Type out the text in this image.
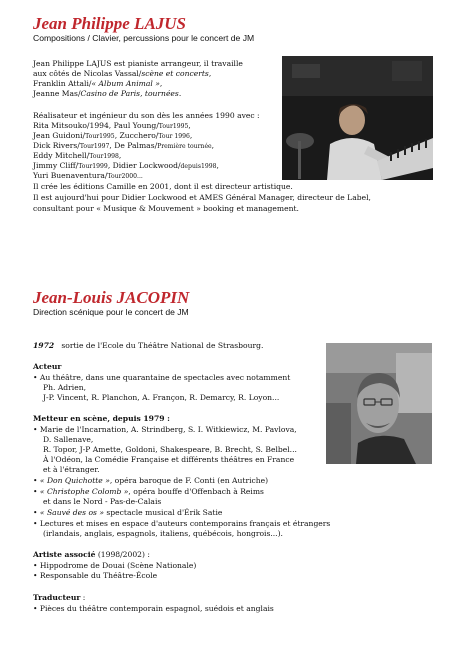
Jean Philippe LAJUS

Compositions / Clavier, percussions pour le concert de JM

Jean Philippe LAJUS est pianiste arrangeur, il travaille
aux côtés de Nicolas Vassal/scène et concerts,
Franklin Attali/« Album Animal »,
Jeanne Mas/Casino de Paris, tournées.
Réalisateur et ingénieur du son dès les années 1990 avec :
Rita Mitsouko/1994, Paul Young/Tour1995,
Jean Guidoni/Tour1995, Zucchero/Tour 1996,
Dick Rivers/Tour1997, De Palmas/Première tournée,
Eddy Mitchell/Tour1998,
Jimmy Cliff/Tour1999, Didier Lockwood/depuis1998,
Yuri Buenaventura/Tour2000...
Il crée les éditions Camille en 2001, dont il est directeur artistique.
Il est aujourd'hui pour Didier Lockwood et AMES Général Manager, directeur de Label,
consultant pour « Musique & Mouvement » booking et management.
Jean-Louis JACOPIN

Direction scénique pour le concert de JM

1972 sortie de l'Ecole du Théâtre National de Strasbourg.
Acteur
• Au théâtre, dans une quarantaine de spectacles avec notamment
Ph. Adrien,
J-P. Vincent, R. Planchon, A. Françon, R. Demarcy, R. Loyon...
Metteur en scène, depuis 1979 :
• Marie de l'Incarnation, A. Strindberg, S. I. Witkiewicz, M. Pavlova,
D. Sallenave,
R. Topor, J-P Amette, Goldoni, Shakespeare, B. Brecht, S. Belbel...
À l'Odéon, la Comédie Française et différents théâtres en France
et à l'étranger.
• « Don Quichotte », opéra baroque de F. Conti (en Autriche)
• « Christophe Colomb », opéra bouffe d'Offenbach à Reims
et dans le Nord - Pas-de-Calais
• « Sauvé des os » spectacle musical d'Érik Satie
• Lectures et mises en espace d'auteurs contemporains français et étrangers
(irlandais, anglais, espagnols, italiens, québécois, hongrois...).
Artiste associé (1998/2002) :
• Hippodrome de Douai (Scène Nationale)
• Responsable du Théâtre-École
Traducteur :
• Pièces du théâtre contemporain espagnol, suédois et anglais
